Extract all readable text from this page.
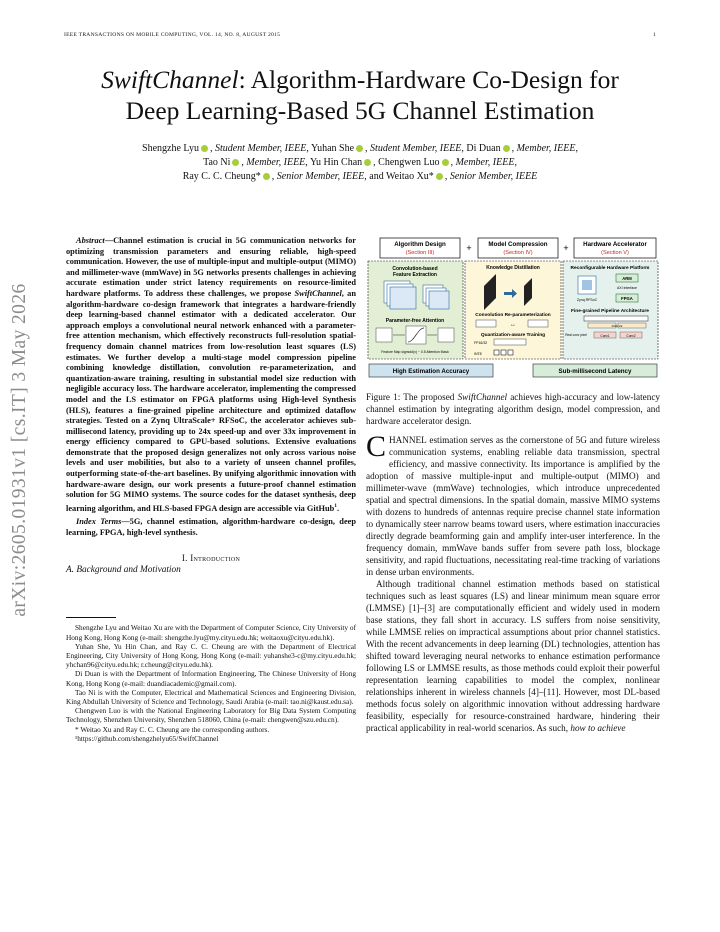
IEEE TRANSACTIONS ON MOBILE COMPUTING, VOL. 14, NO. 8, AUGUST 2015	1
SwiftChannel: Algorithm-Hardware Co-Design for
Deep Learning-Based 5G Channel Estimation
Shengzhe Lyu , Student Member, IEEE, Yuhan She , Student Member, IEEE, Di Duan , Member, IEEE,
Tao Ni , Member, IEEE, Yu Hin Chan , Chengwen Luo , Member, IEEE,
Ray C. C. Cheung* , Senior Member, IEEE, and Weitao Xu* , Senior Member, IEEE
arXiv:2605.01931v1 [cs.IT] 3 May 2026

Abstract—Channel estimation is crucial in 5G communication networks for optimizing transmission parameters and ensuring reliable, high-speed communication. However, the use of multiple-input and multiple-output (MIMO) and millimeter-wave (mmWave) in 5G networks presents challenges in achieving accurate estimation under strict latency requirements on resource-limited hardware platforms. To address these challenges, we propose SwiftChannel, an algorithm-hardware co-design framework that integrates a hardware-friendly deep learning-based channel estimator with a dedicated accelerator. Our approach employs a convolutional neural network enhanced with a parameter-free attention mechanism, which effectively reconstructs full-resolution spatial-frequency domain channel matrices from low-resolution least squares (LS) estimates. We further develop a multi-stage model compression pipeline combining knowledge distillation, convolution re-parameterization, and quantization-aware training, resulting in substantial model size reduction with negligible accuracy loss. The hardware accelerator, implementing the compressed model and the LS estimator on FPGA platforms using High-level Synthesis (HLS), features a fine-grained pipeline architecture and optimized dataflow strategies. Tested on a Zynq UltraScale+ RFSoC, the accelerator achieves sub-millisecond latency, providing up to 24x speed-up and over 33x improvement in energy efficiency compared to GPU-based solutions. Extensive evaluations demonstrate that the proposed design generalizes not only across various noise levels and user mobilities, but also to a variety of unseen channel profiles, outperforming state-of-the-art baselines. By unifying algorithmic innovation with hardware-aware design, our work presents a future-proof channel estimation solution for 5G MIMO systems. The source codes for the dataset synthesis, deep learning algorithm, and HLS-based FPGA design are accessible via GitHub$^1$.

Index Terms—5G, channel estimation, algorithm-hardware co-design, deep learning, FPGA, high-level synthesis.

I. Introduction
A. Background and Motivation

Shengzhe Lyu and Weitao Xu are with the Department of Computer Science, City University of Hong Kong, Hong Kong (e-mail: shengzhe.lyu@my.cityu.edu.hk; weitaoxu@cityu.edu.hk).

Yuhan She, Yu Hin Chan, and Ray C. C. Cheung are with the Department of Electrical Engineering, City University of Hong Kong, Hong Kong (e-mail: yuhanshe3-c@my.cityu.edu.hk; yhchan96@cityu.edu.hk; r.cheung@cityu.edu.hk).

Di Duan is with the Department of Information Engineering, The Chinese University of Hong Kong, Hong Kong (e-mail: duandiacademic@gmail.com).

Tao Ni is with the Computer, Electrical and Mathematical Sciences and Engineering Division, King Abdullah University of Science and Technology, Saudi Arabia (e-mail: tao.ni@kaust.edu.sa).

Chengwen Luo is with the National Engineering Laboratory for Big Data System Computing Technology, Shenzhen University, Shenzhen 518060, China (e-mail: chengwen@szu.edu.cn).

* Weitao Xu and Ray C. C. Cheung are the corresponding authors.

¹https://github.com/shengzhelyu65/SwiftChannel

Algorithm Design
(Section III)	+	Model Compression
(Section IV)	+ Hardware Accelerator
(Section V)
Convolution-based
Feature Extraction
Parameter-free Attention
Feature Map sigmoid(x) − 0.5 Attention Mask
Knowledge Distillation
Convolution Re-parameterization
↔
Quantization-aware Training
FP16/32
INT8
Reconfigurable Hardware Platform
Zynq RFSoC
ARM
AXI interface
FPGA
Fine-grained Pipeline Architecture
Filter1/2
Conv1	Conv2
Real conv pixel
High Estimation Accuracy	Sub-millisecond Latency
Figure 1: The proposed SwiftChannel achieves high-accuracy and low-latency channel estimation by integrating algorithm design, model compression, and hardware accelerator design.

CHANNEL estimation serves as the cornerstone of 5G and future wireless communication systems, enabling reliable data transmission, spectral efficiency, and massive connectivity. Its importance is amplified by the adoption of massive multiple-input and multiple-output (MIMO) and millimeter-wave (mmWave) technologies, which introduce unprecedented spatial and spectral dimensions. In the spatial domain, massive MIMO systems with dozens to hundreds of antennas require precise channel state information to dynamically steer narrow beams toward users, where estimation inaccuracies directly degrade beamforming gain and amplify inter-user interference. In the frequency domain, mmWave bands suffer from severe path loss, blockage sensitivity, and rapid fluctuations, necessitating real-time tracking of variations in dense urban environments.

Although traditional channel estimation methods based on statistical techniques such as least squares (LS) and linear minimum mean square error (LMMSE) [1]–[3] are computationally efficient and widely used in modern base stations, they fall short in accuracy. LS suffers from noise sensitivity, while LMMSE relies on impractical assumptions about prior channel statistics. With the recent advancements in deep learning (DL) technologies, attention has shifted toward leveraging neural networks to enhance estimation performance following LS or LMMSE results, as those methods could exploit their powerful representation learning capabilities to model the complex, nonlinear relationships inherent in wireless channels [4]–[11]. However, most DL-based methods focus solely on algorithmic innovation without addressing hardware feasibility, especially for resource-constrained hardware, hindering their practical applicability in real-world scenarios. As such, how to achieve
